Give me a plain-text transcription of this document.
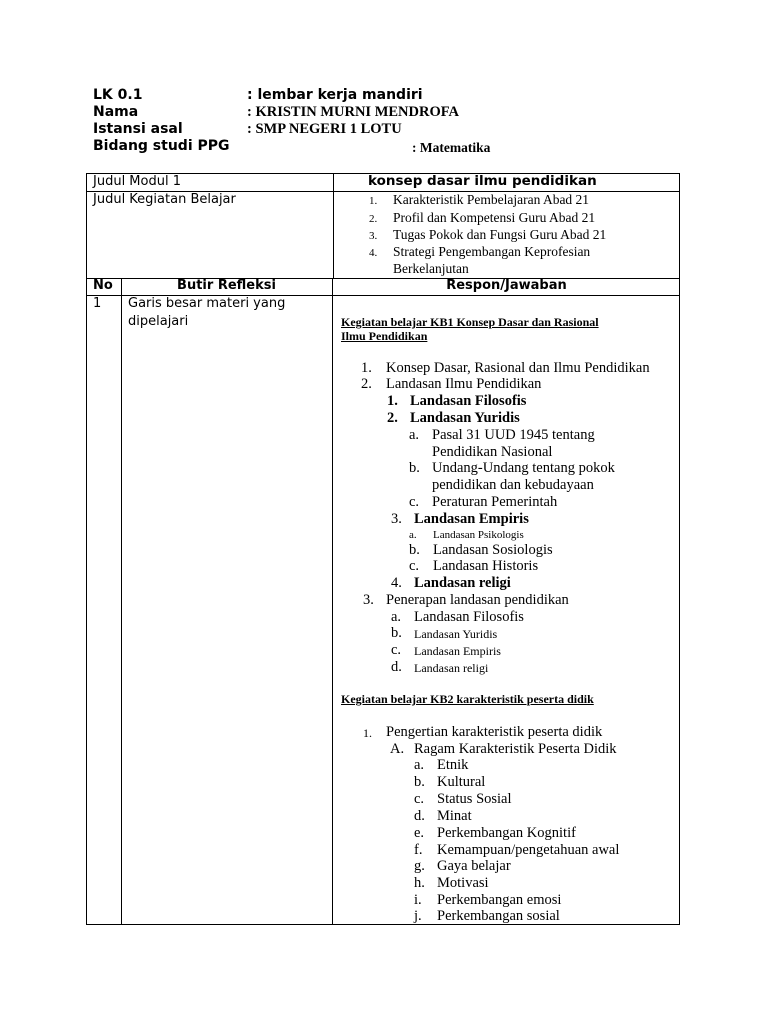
LK 0.1	: lembar kerja mandiri
Nama	: KRISTIN MURNI MENDROFA
Istansi asal	: SMP NEGERI 1 LOTU
Bidang studi PPG	: Matematika
Judul Modul 1	konsep dasar ilmu pendidikan
Judul Kegiatan Belajar	1. Karakteristik Pembelajaran Abad 21
2. Profil dan Kompetensi Guru Abad 21
3. Tugas Pokok dan Fungsi Guru Abad 21
4. Strategi Pengembangan Keprofesian
Berkelanjutan
No	Butir Refleksi	Respon/Jawaban
1 Garis besar materi yang
dipelajari	Kegiatan belajar KB1 Konsep Dasar dan Rasional
Ilmu Pendidikan
1. Konsep Dasar, Rasional dan Ilmu Pendidikan
2. Landasan Ilmu Pendidikan
1. Landasan Filosofis
2. Landasan Yuridis
a. Pasal 31 UUD 1945 tentang
Pendidikan Nasional
b. Undang-Undang tentang pokok
pendidikan dan kebudayaan
c. Peraturan Pemerintah
3. Landasan Empiris
a. Landasan Psikologis
b. Landasan Sosiologis
c. Landasan Historis
4. Landasan religi
3. Penerapan landasan pendidikan
a. Landasan Filosofis
b. Landasan Yuridis
c. Landasan Empiris
d. Landasan religi
Kegiatan belajar KB2 karakteristik peserta didik
1. Pengertian karakteristik peserta didik
A. Ragam Karakteristik Peserta Didik
a. Etnik
b. Kultural
c. Status Sosial
d. Minat
e. Perkembangan Kognitif
f. Kemampuan/pengetahuan awal
g. Gaya belajar
h. Motivasi
i. Perkembangan emosi
j. Perkembangan sosial
